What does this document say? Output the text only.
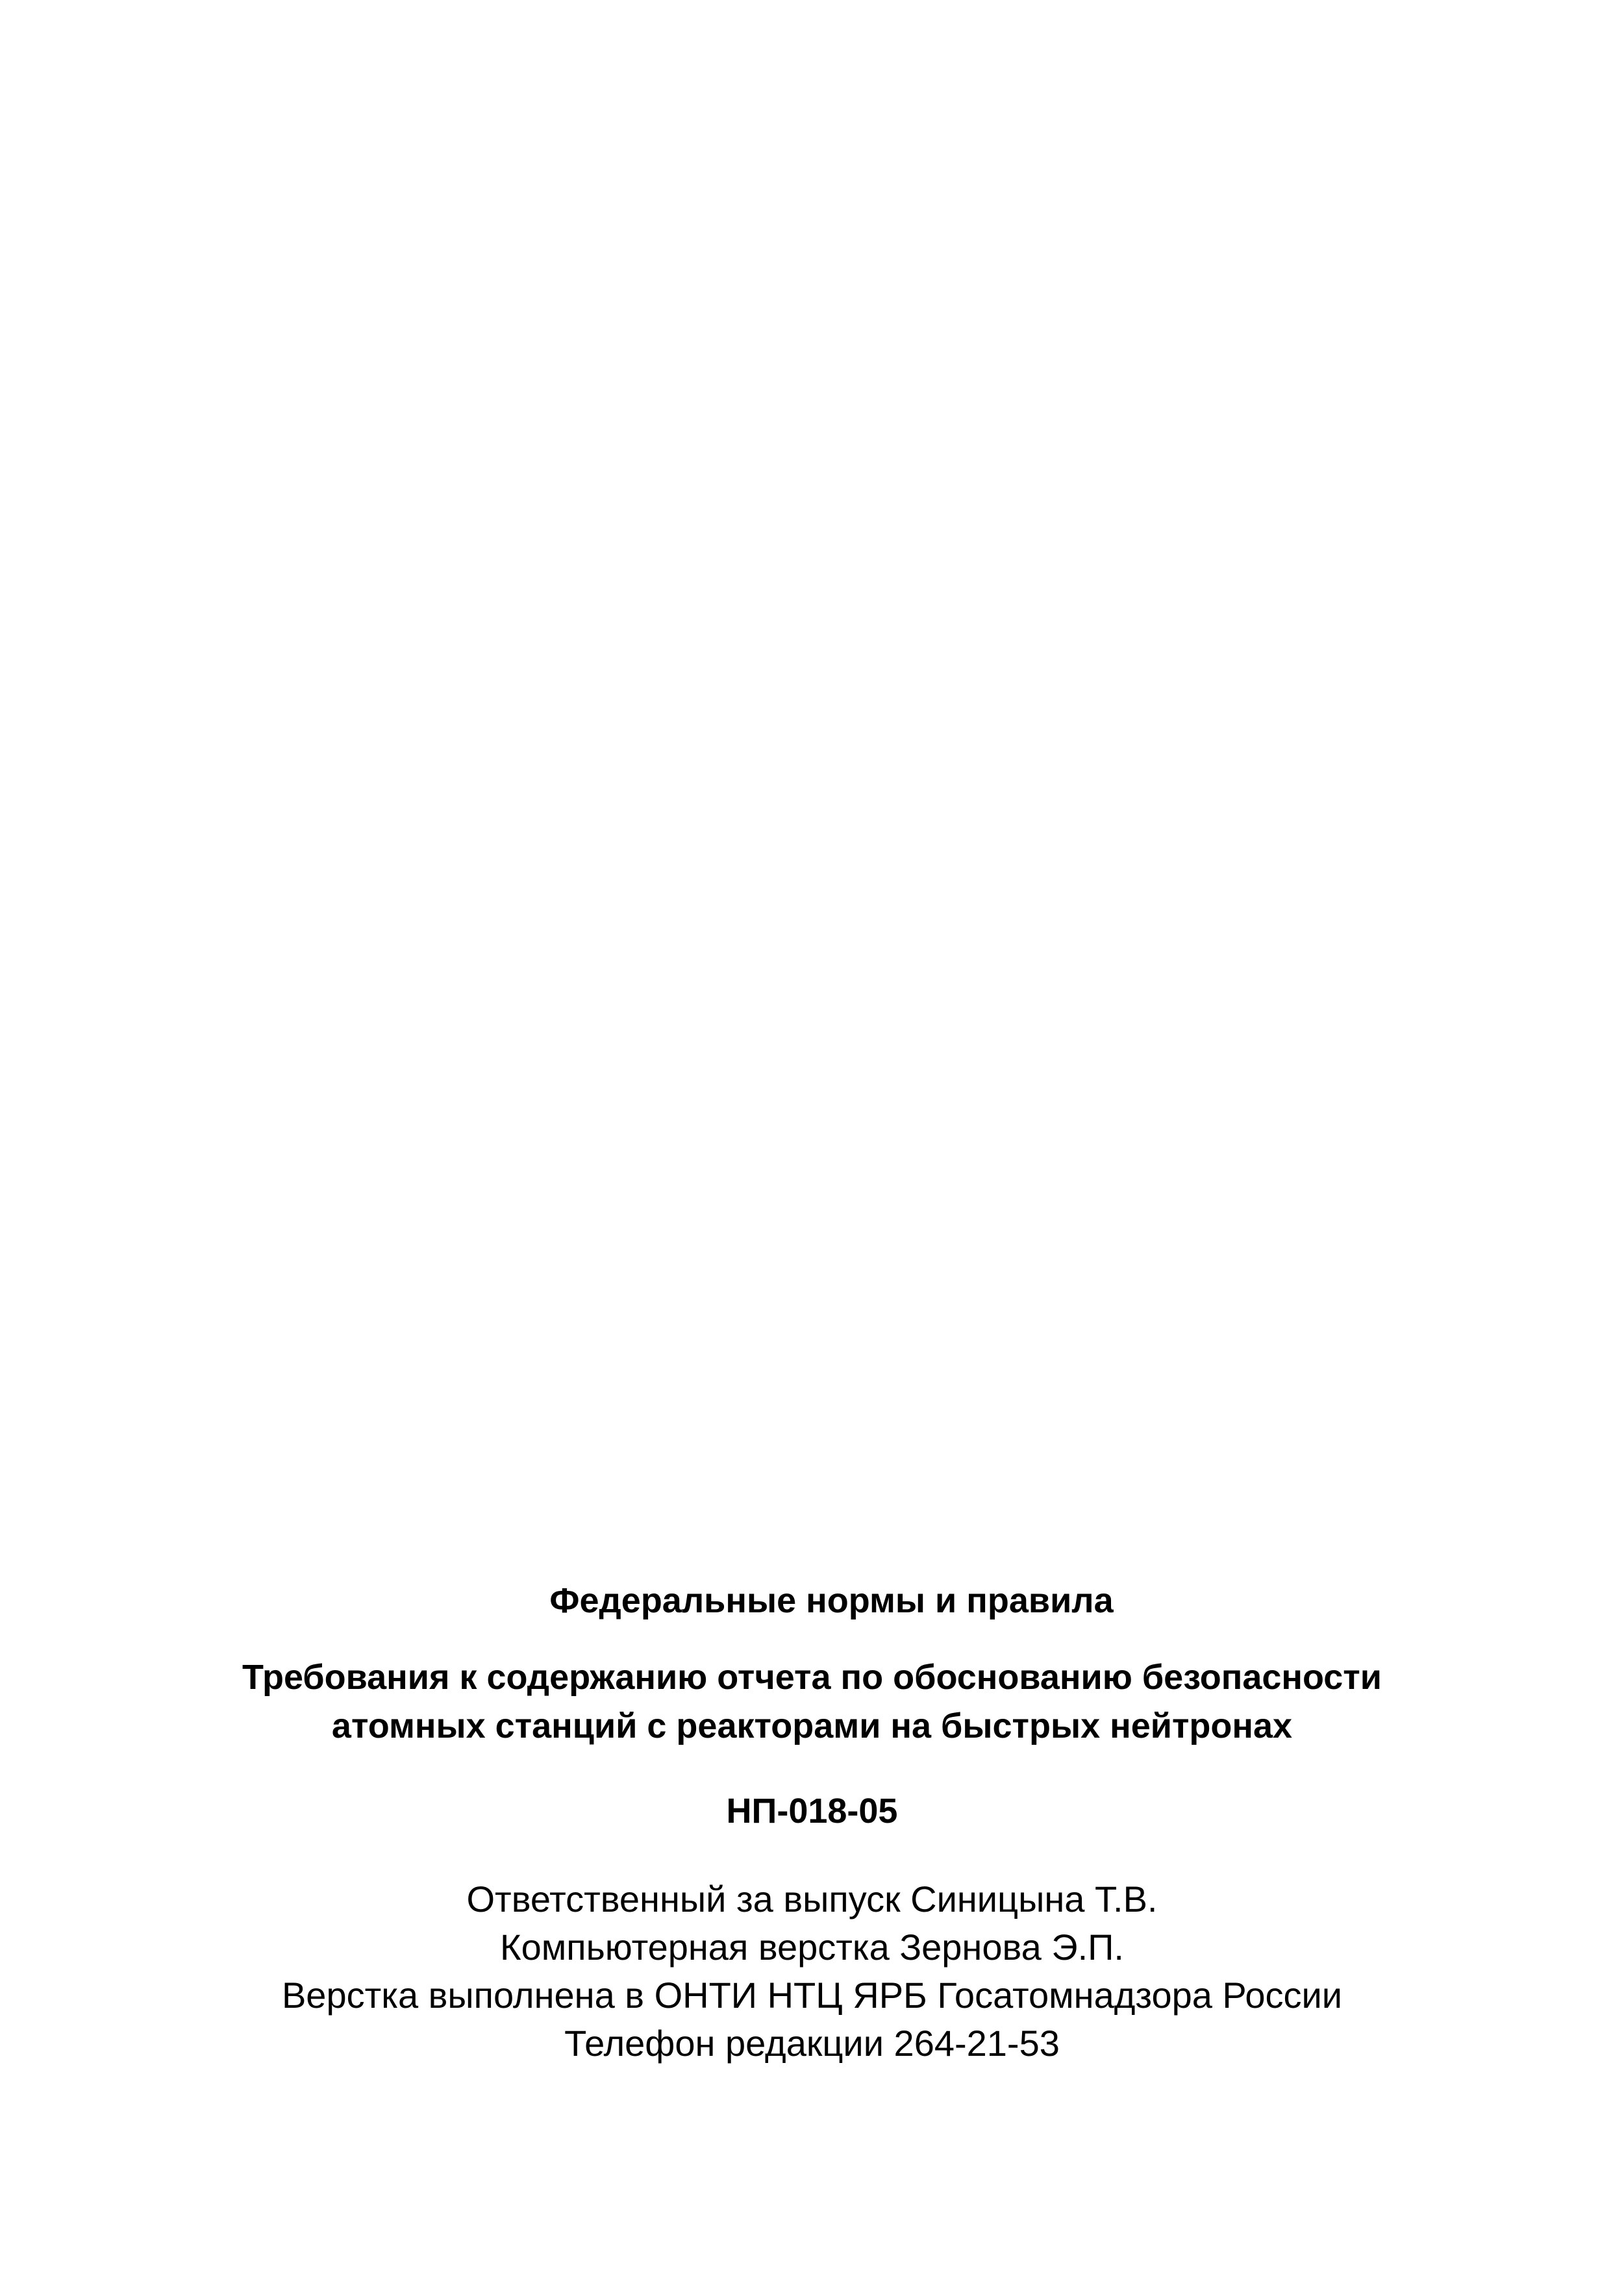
Федеральные нормы и правила

Требования к содержанию отчета по обоснованию безопасности
атомных станций с реакторами на быстрых нейтронах

НП-018-05

Ответственный за выпуск Синицына Т.В.
Компьютерная верстка Зернова Э.П.
Верстка выполнена в ОНТИ НТЦ ЯРБ Госатомнадзора России
Телефон редакции 264-21-53
